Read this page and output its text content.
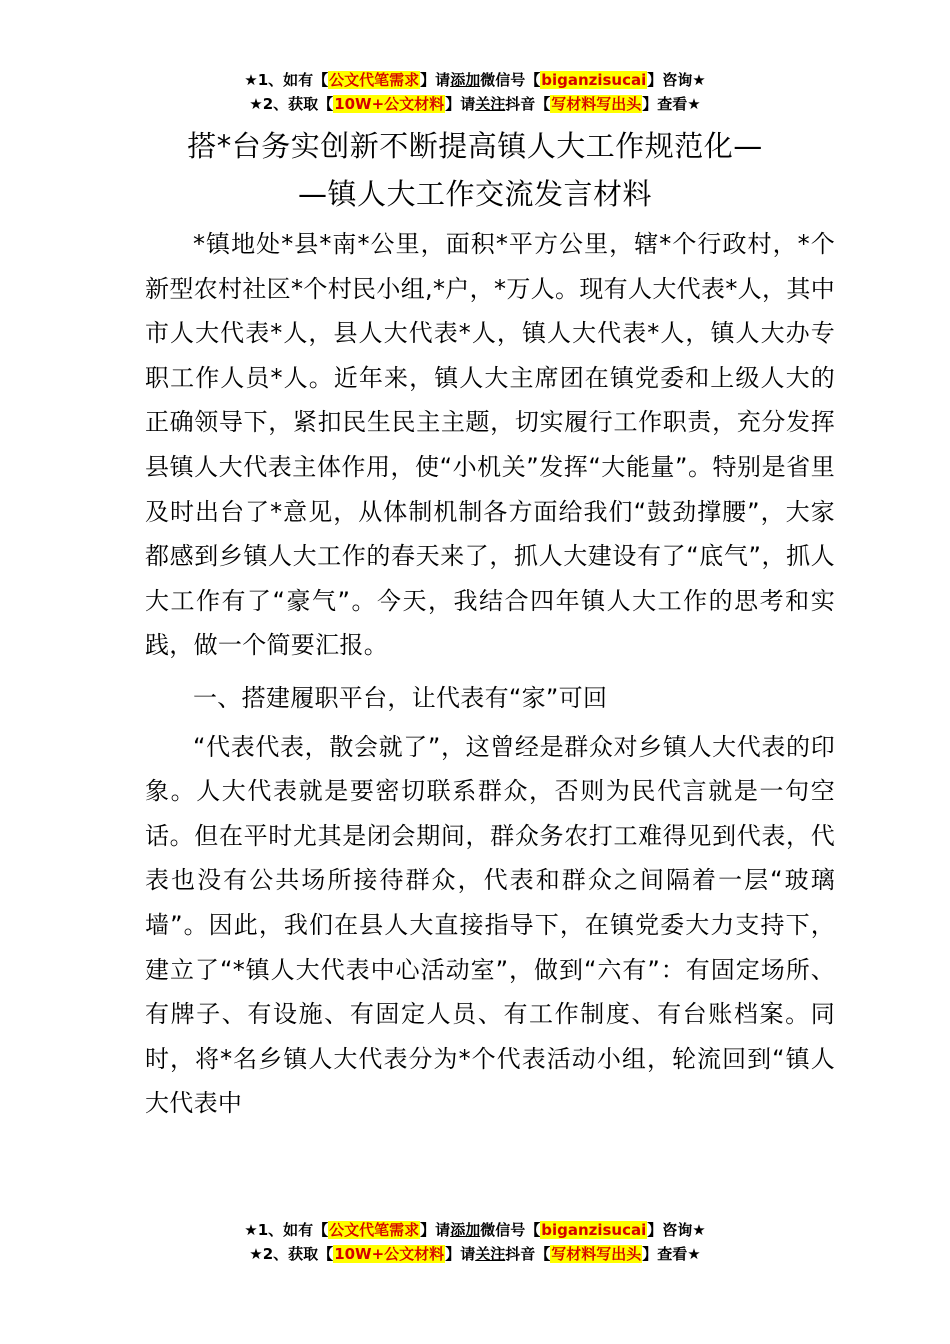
★1、如有【公文代笔需求】请添加微信号【biganzisucai】咨询★
★2、获取【10W+公文材料】请关注抖音【写材料写出头】查看★
搭*台务实创新不断提高镇人大工作规范化—
—镇人大工作交流发言材料

*镇地处*县*南*公里，面积*平方公里，辖*个行政村，*个新型农村社区*个村民小组,*户，*万人。现有人大代表*人，其中市人大代表*人，县人大代表*人，镇人大代表*人，镇人大办专职工作人员*人。近年来，镇人大主席团在镇党委和上级人大的正确领导下，紧扣民生民主主题，切实履行工作职责，充分发挥县镇人大代表主体作用，使“小机关”发挥“大能量”。特别是省里及时出台了*意见，从体制机制各方面给我们“鼓劲撑腰”，大家都感到乡镇人大工作的春天来了，抓人大建设有了“底气”，抓人大工作有了“豪气”。今天，我结合四年镇人大工作的思考和实践，做一个简要汇报。

一、搭建履职平台，让代表有“家”可回

“代表代表，散会就了”，这曾经是群众对乡镇人大代表的印象。人大代表就是要密切联系群众，否则为民代言就是一句空话。但在平时尤其是闭会期间，群众务农打工难得见到代表，代表也没有公共场所接待群众，代表和群众之间隔着一层“玻璃墙”。因此，我们在县人大直接指导下，在镇党委大力支持下，建立了“*镇人大代表中心活动室”，做到“六有”：有固定场所、有牌子、有设施、有固定人员、有工作制度、有台账档案。同时，将*名乡镇人大代表分为*个代表活动小组，轮流回到“镇人大代表中

★1、如有【公文代笔需求】请添加微信号【biganzisucai】咨询★
★2、获取【10W+公文材料】请关注抖音【写材料写出头】查看★
